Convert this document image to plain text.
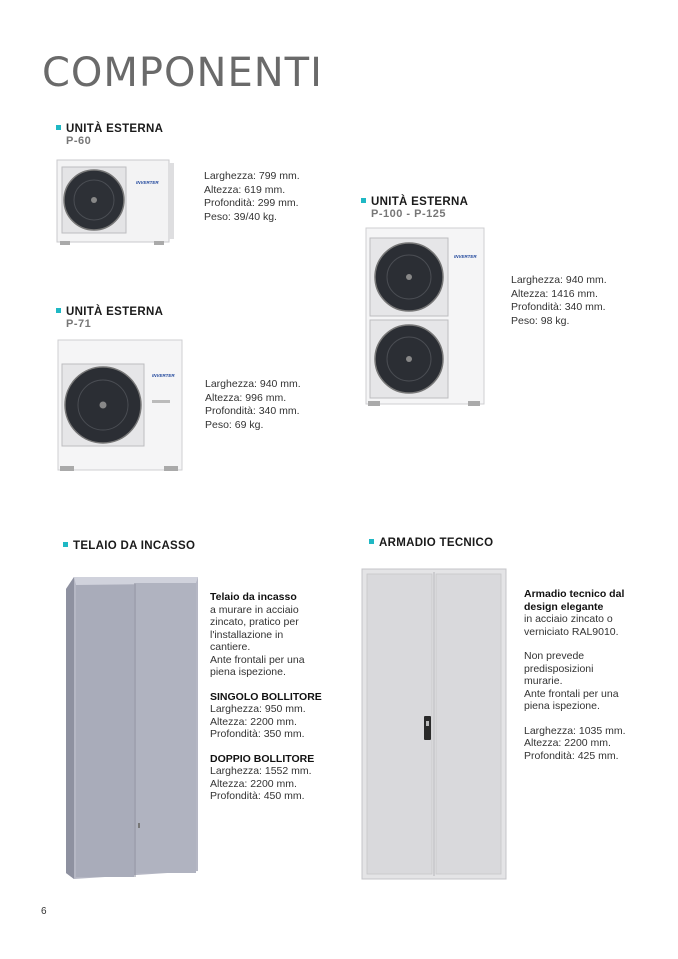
COMPONENTI
UNITÀ ESTERNA
P-60
INVERTER
Larghezza: 799 mm.
Altezza: 619 mm.
Profondità: 299 mm.
Peso: 39/40 kg.
UNITÀ ESTERNA
P-71
INVERTER
Larghezza: 940 mm.
Altezza: 996 mm.
Profondità: 340 mm.
Peso: 69 kg.
UNITÀ ESTERNA
P-100 - P-125
INVERTER
Larghezza: 940 mm.
Altezza: 1416 mm.
Profondità: 340 mm.
Peso: 98 kg.
TELAIO DA INCASSO
Telaio da incasso
a murare in acciaio
zincato, pratico per
l'installazione in
cantiere.
Ante frontali per una
piena ispezione.
SINGOLO BOLLITORE
Larghezza: 950 mm.
Altezza: 2200 mm.
Profondità: 350 mm.
DOPPIO BOLLITORE
Larghezza: 1552 mm.
Altezza: 2200 mm.
Profondità: 450 mm.
ARMADIO TECNICO
Armadio tecnico dal
design elegante
in acciaio zincato o
verniciato RAL9010.
Non prevede
predisposizioni
murarie.
Ante frontali per una
piena ispezione.
Larghezza: 1035 mm.
Altezza: 2200 mm.
Profondità: 425 mm.
6
